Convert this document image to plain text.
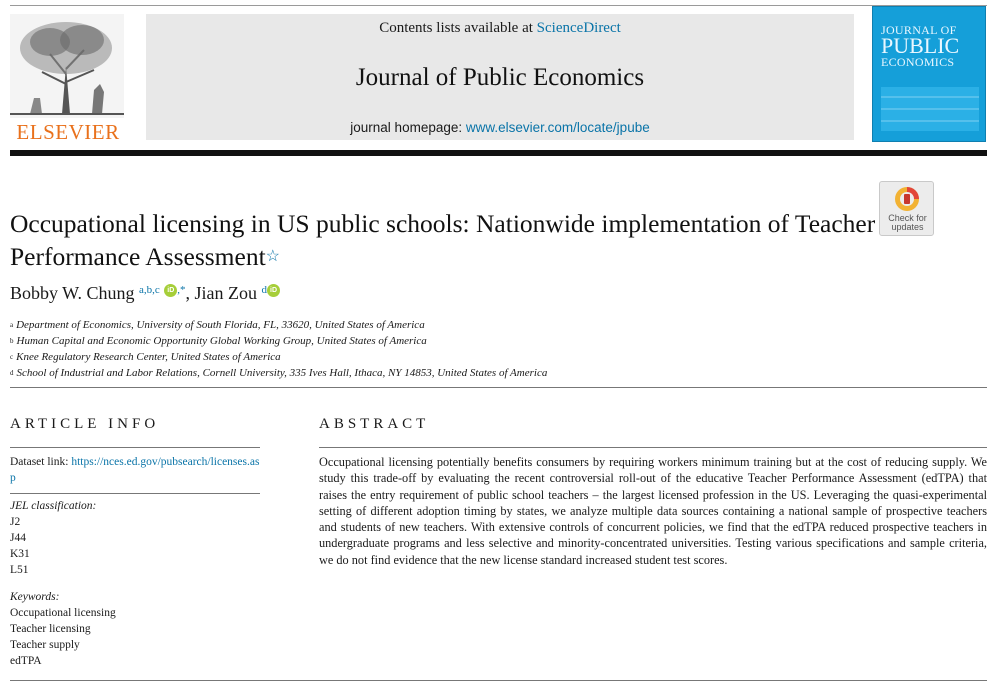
ELSEVIER
Contents lists available at ScienceDirect
Journal of Public Economics
journal homepage: www.elsevier.com/locate/jpube
JOURNAL OF
PUBLIC
ECONOMICS
Check for
updates
Occupational licensing in US public schools: Nationwide implementation of Teacher Performance Assessment☆
Bobby W. Chung $^{a,b,c}$ iD ,*, Jian Zou $^d$ iD
$^a$ Department of Economics, University of South Florida, FL, 33620, United States of America
$^b$ Human Capital and Economic Opportunity Global Working Group, United States of America
$^c$ Knee Regulatory Research Center, United States of America
$^d$ School of Industrial and Labor Relations, Cornell University, 335 Ives Hall, Ithaca, NY 14853, United States of America
ARTICLE INFO
Dataset link: https://nces.ed.gov/pubsearch/licenses.asp
JEL classification:
J2
J44
K31
L51
Keywords:
Occupational licensing
Teacher licensing
Teacher supply
edTPA
ABSTRACT
Occupational licensing potentially benefits consumers by requiring workers minimum training but at the cost of reducing supply. We study this trade-off by evaluating the recent controversial roll-out of the educative Teacher Performance Assessment (edTPA) that raises the entry requirement of public school teachers – the largest licensed profession in the US. Leveraging the quasi-experimental setting of different adoption timing by states, we analyze multiple data sources containing a national sample of prospective teachers and students of new teachers. With extensive controls of concurrent policies, we find that the edTPA reduced prospective teachers in undergraduate programs and less selective and minority-concentrated universities. Testing various specifications and sample criteria, we do not find evidence that the new license standard increased student test scores.
